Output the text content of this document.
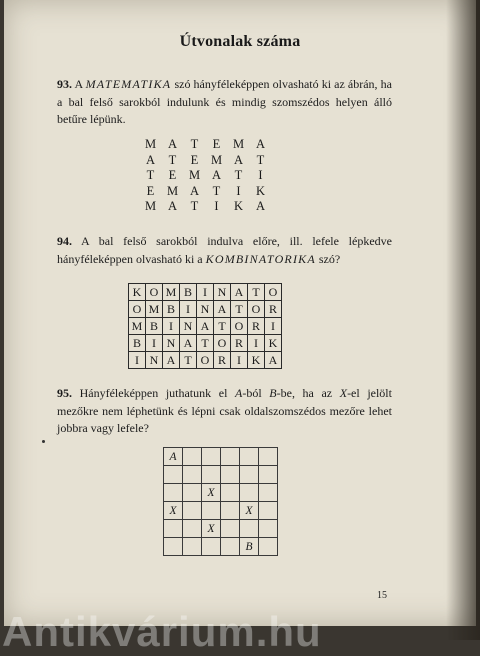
Útvonalak száma
93. A MATEMATIKA szó hányféleképpen olvasható ki az ábrán, ha a bal felső sarokból indulunk és mindig szomszédos helyen álló betűre lépünk.
M	A	T	E	M	A
A	T	E	M	A	T
T	E	M	A	T	I
E	M	A	T	I	K
M	A	T	I	K	A
94. A bal felső sarokból indulva előre, ill. lefele lépkedve hányféleképpen olvasható ki a KOMBINATORIKA szó?
K	O	M	B	I	N	A	T	O
O	M	B	I	N	A	T	O	R
M	B	I	N	A	T	O	R	I
B	I	N	A	T	O	R	I	K
I	N	A	T	O	R	I	K	A
95. Hányféleképpen juthatunk el A-ból B-be, ha az X-el jelölt mezőkre nem léphetünk és lépni csak oldalszomszédos mezőre lehet jobbra vagy lefele?
A					

		X			
X				X	
		X			
				B	
15
Antikvárium.hu
